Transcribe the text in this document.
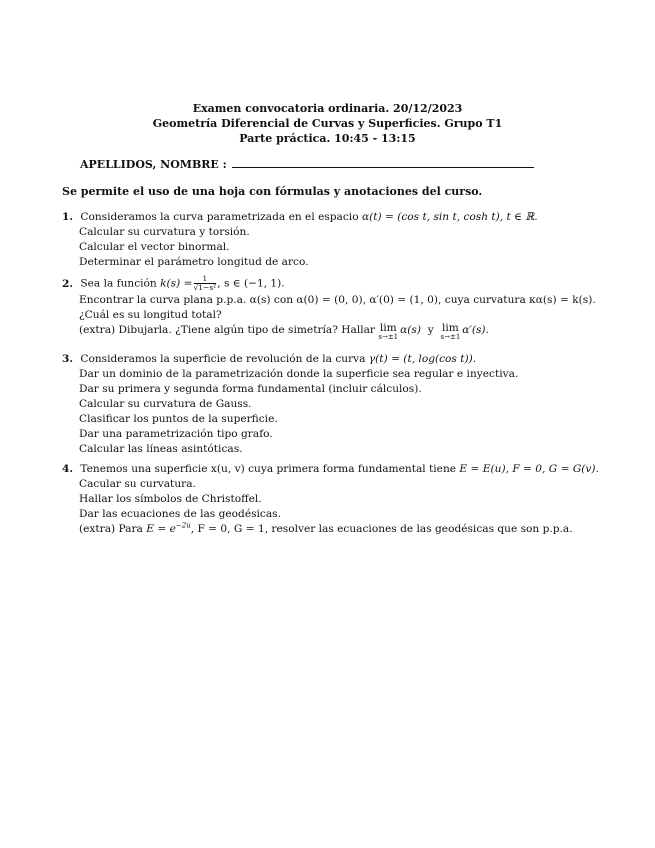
Examen convocatoria ordinaria. 20/12/2023
Geometría Diferencial de Curvas y Superficies. Grupo T1
Parte práctica. 10:45 - 13:15
APELLIDOS, NOMBRE :
Se permite el uso de una hoja con fórmulas y anotaciones del curso.
1. Consideramos la curva parametrizada en el espacio α(t) = (cos t, sin t, cosh t), t ∈ ℝ.
Calcular su curvatura y torsión.
Calcular el vector binormal.
Determinar el parámetro longitud de arco.
2. Sea la función $k(s) = \frac{1}{\text{√1−s²}}$ , s ∈ (−1, 1).
Encontrar la curva plana p.p.a. α(s) con α(0) = (0, 0), α′(0) = (1, 0), cuya curvatura κα(s) = k(s).
¿Cuál es su longitud total?
(extra) Dibujarla. ¿Tiene algún tipo de simetría? Hallar lim
s→±1
α(s) y lim
s→±1
α′(s).
3. Consideramos la superficie de revolución de la curva γ(t) = (t, log(cos t)).
Dar un dominio de la parametrización donde la superficie sea regular e inyectiva.
Dar su primera y segunda forma fundamental (incluir cálculos).
Calcular su curvatura de Gauss.
Clasificar los puntos de la superficie.
Dar una parametrización tipo grafo.
Calcular las líneas asintóticas.
4. Tenemos una superficie x(u, v) cuya primera forma fundamental tiene E = E(u), F = 0, G = G(v).
Cacular su curvatura.
Hallar los símbolos de Christoffel.
Dar las ecuaciones de las geodésicas.
(extra) Para $E = e^{-2u}$, F = 0, G = 1, resolver las ecuaciones de las geodésicas que son p.p.a.
